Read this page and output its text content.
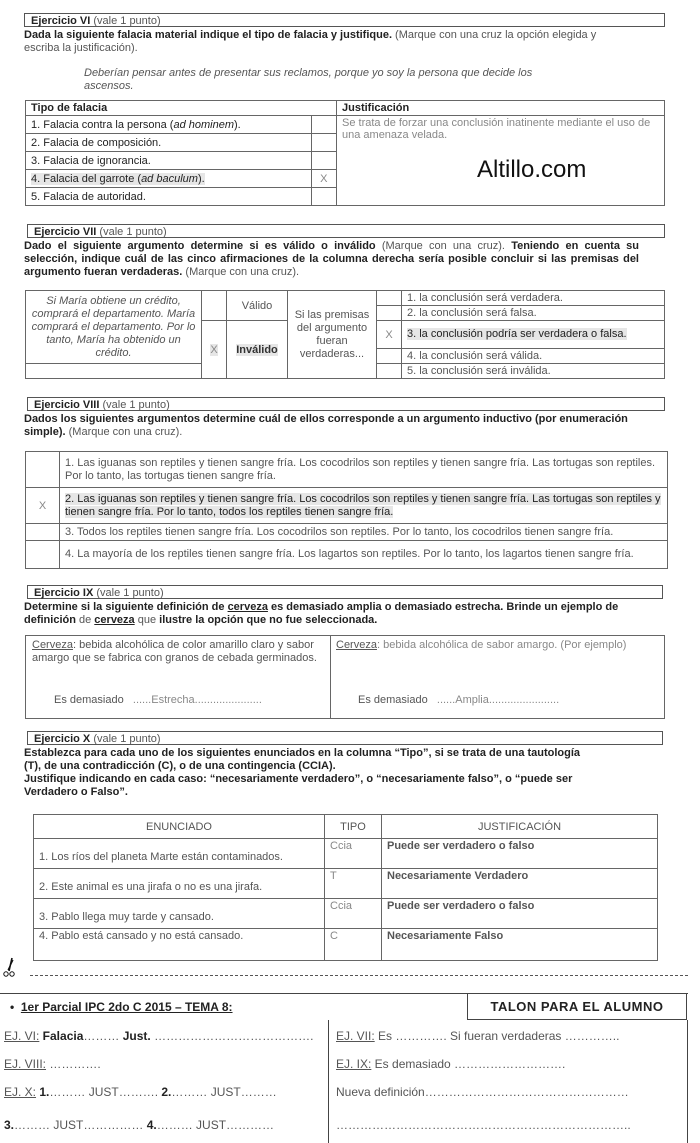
Ejercicio VI (vale 1 punto)
Dada la siguiente falacia material indique el tipo de falacia y justifique. (Marque con una cruz la opción elegida y escriba la justificación).
Deberían pensar antes de presentar sus reclamos, porque yo soy la persona que decide los ascensos.
Tipo de falacia		Justificación
1. Falacia contra la persona (ad hominem).		Se trata de forzar una conclusión inatinente mediante el uso de una amenaza velada.
Altillo.com

2. Falacia de composición.		
3. Falacia de ignorancia.		
4. Falacia del garrote (ad baculum).	X	
5. Falacia de autoridad.		
Ejercicio VII (vale 1 punto)
Dado el siguiente argumento determine si es válido o inválido (Marque con una cruz). Teniendo en cuenta su selección, indique cuál de las cinco afirmaciones de la columna derecha sería posible concluir si las premisas del argumento fueran verdaderas. (Marque con una cruz).
Si María obtiene un crédito, comprará el departamento. María comprará el departamento. Por lo tanto, María ha obtenido un crédito.		Válido	Si las premisas del argumento fueran verdaderas...		1. la conclusión será verdadera.
					2. la conclusión será falsa.
	X	Inválido		X	3. la conclusión podría ser verdadera o falsa.
					4. la conclusión será válida.
					5. la conclusión será inválida.
Ejercicio VIII (vale 1 punto)
Dados los siguientes argumentos determine cuál de ellos corresponde a un argumento inductivo (por enumeración simple). (Marque con una cruz).
	1. Las iguanas son reptiles y tienen sangre fría. Los cocodrilos son reptiles y tienen sangre fría. Las tortugas son reptiles. Por lo tanto, las tortugas tienen sangre fría.
X	2. Las iguanas son reptiles y tienen sangre fría. Los cocodrilos son reptiles y tienen sangre fría. Las tortugas son reptiles y tienen sangre fría. Por lo tanto, todos los reptiles tienen sangre fría.
	3. Todos los reptiles tienen sangre fría. Los cocodrilos son reptiles. Por lo tanto, los cocodrilos tienen sangre fría.
	4. La mayoría de los reptiles tienen sangre fría. Los lagartos son reptiles. Por lo tanto, los lagartos tienen sangre fría.
Ejercicio IX (vale 1 punto)
Determine si la siguiente definición de cerveza es demasiado amplia o demasiado estrecha. Brinde un ejemplo de definición de cerveza que ilustre la opción que no fue seleccionada.
Cerveza: bebida alcohólica de color amarillo claro y sabor amargo que se fabrica con granos de cebada germinados.
Cerveza: bebida alcohólica de sabor amargo. (Por ejemplo)
Es demasiado ......Estrecha......................	Es demasiado ......Amplia.......................
Ejercicio X (vale 1 punto)
Establezca para cada uno de los siguientes enunciados en la columna “Tipo”, si se trata de una tautología (T), de una contradicción (C), o de una contingencia (CCIA).
Justifique indicando en cada caso: “necesariamente verdadero”, o “necesariamente falso”, o “puede ser Verdadero o Falso”.
ENUNCIADO	TIPO	JUSTIFICACIÓN
1. Los ríos del planeta Marte están contaminados.	Ccia	Puede ser verdadero o falso
2. Este animal es una jirafa o no es una jirafa.	T	Necesariamente Verdadero
3. Pablo llega muy tarde y cansado.	Ccia	Puede ser verdadero o falso
4. Pablo está cansado y no está cansado.	C	Necesariamente Falso
•  1er Parcial IPC 2do C 2015 – TEMA 8:	TALON PARA EL ALUMNO
EJ. VI: Falacia……… Just. …………………………………. EJ. VII: Es …………. Si fueran verdaderas …………..
EJ. VIII: ………….	EJ. IX: Es demasiado ……………………….
EJ. X: 1.……… JUST………. 2.……… JUST………	Nueva definición……………………………………………
3.……… JUST…………… 4.……… JUST…………	………………………………………………………………..
